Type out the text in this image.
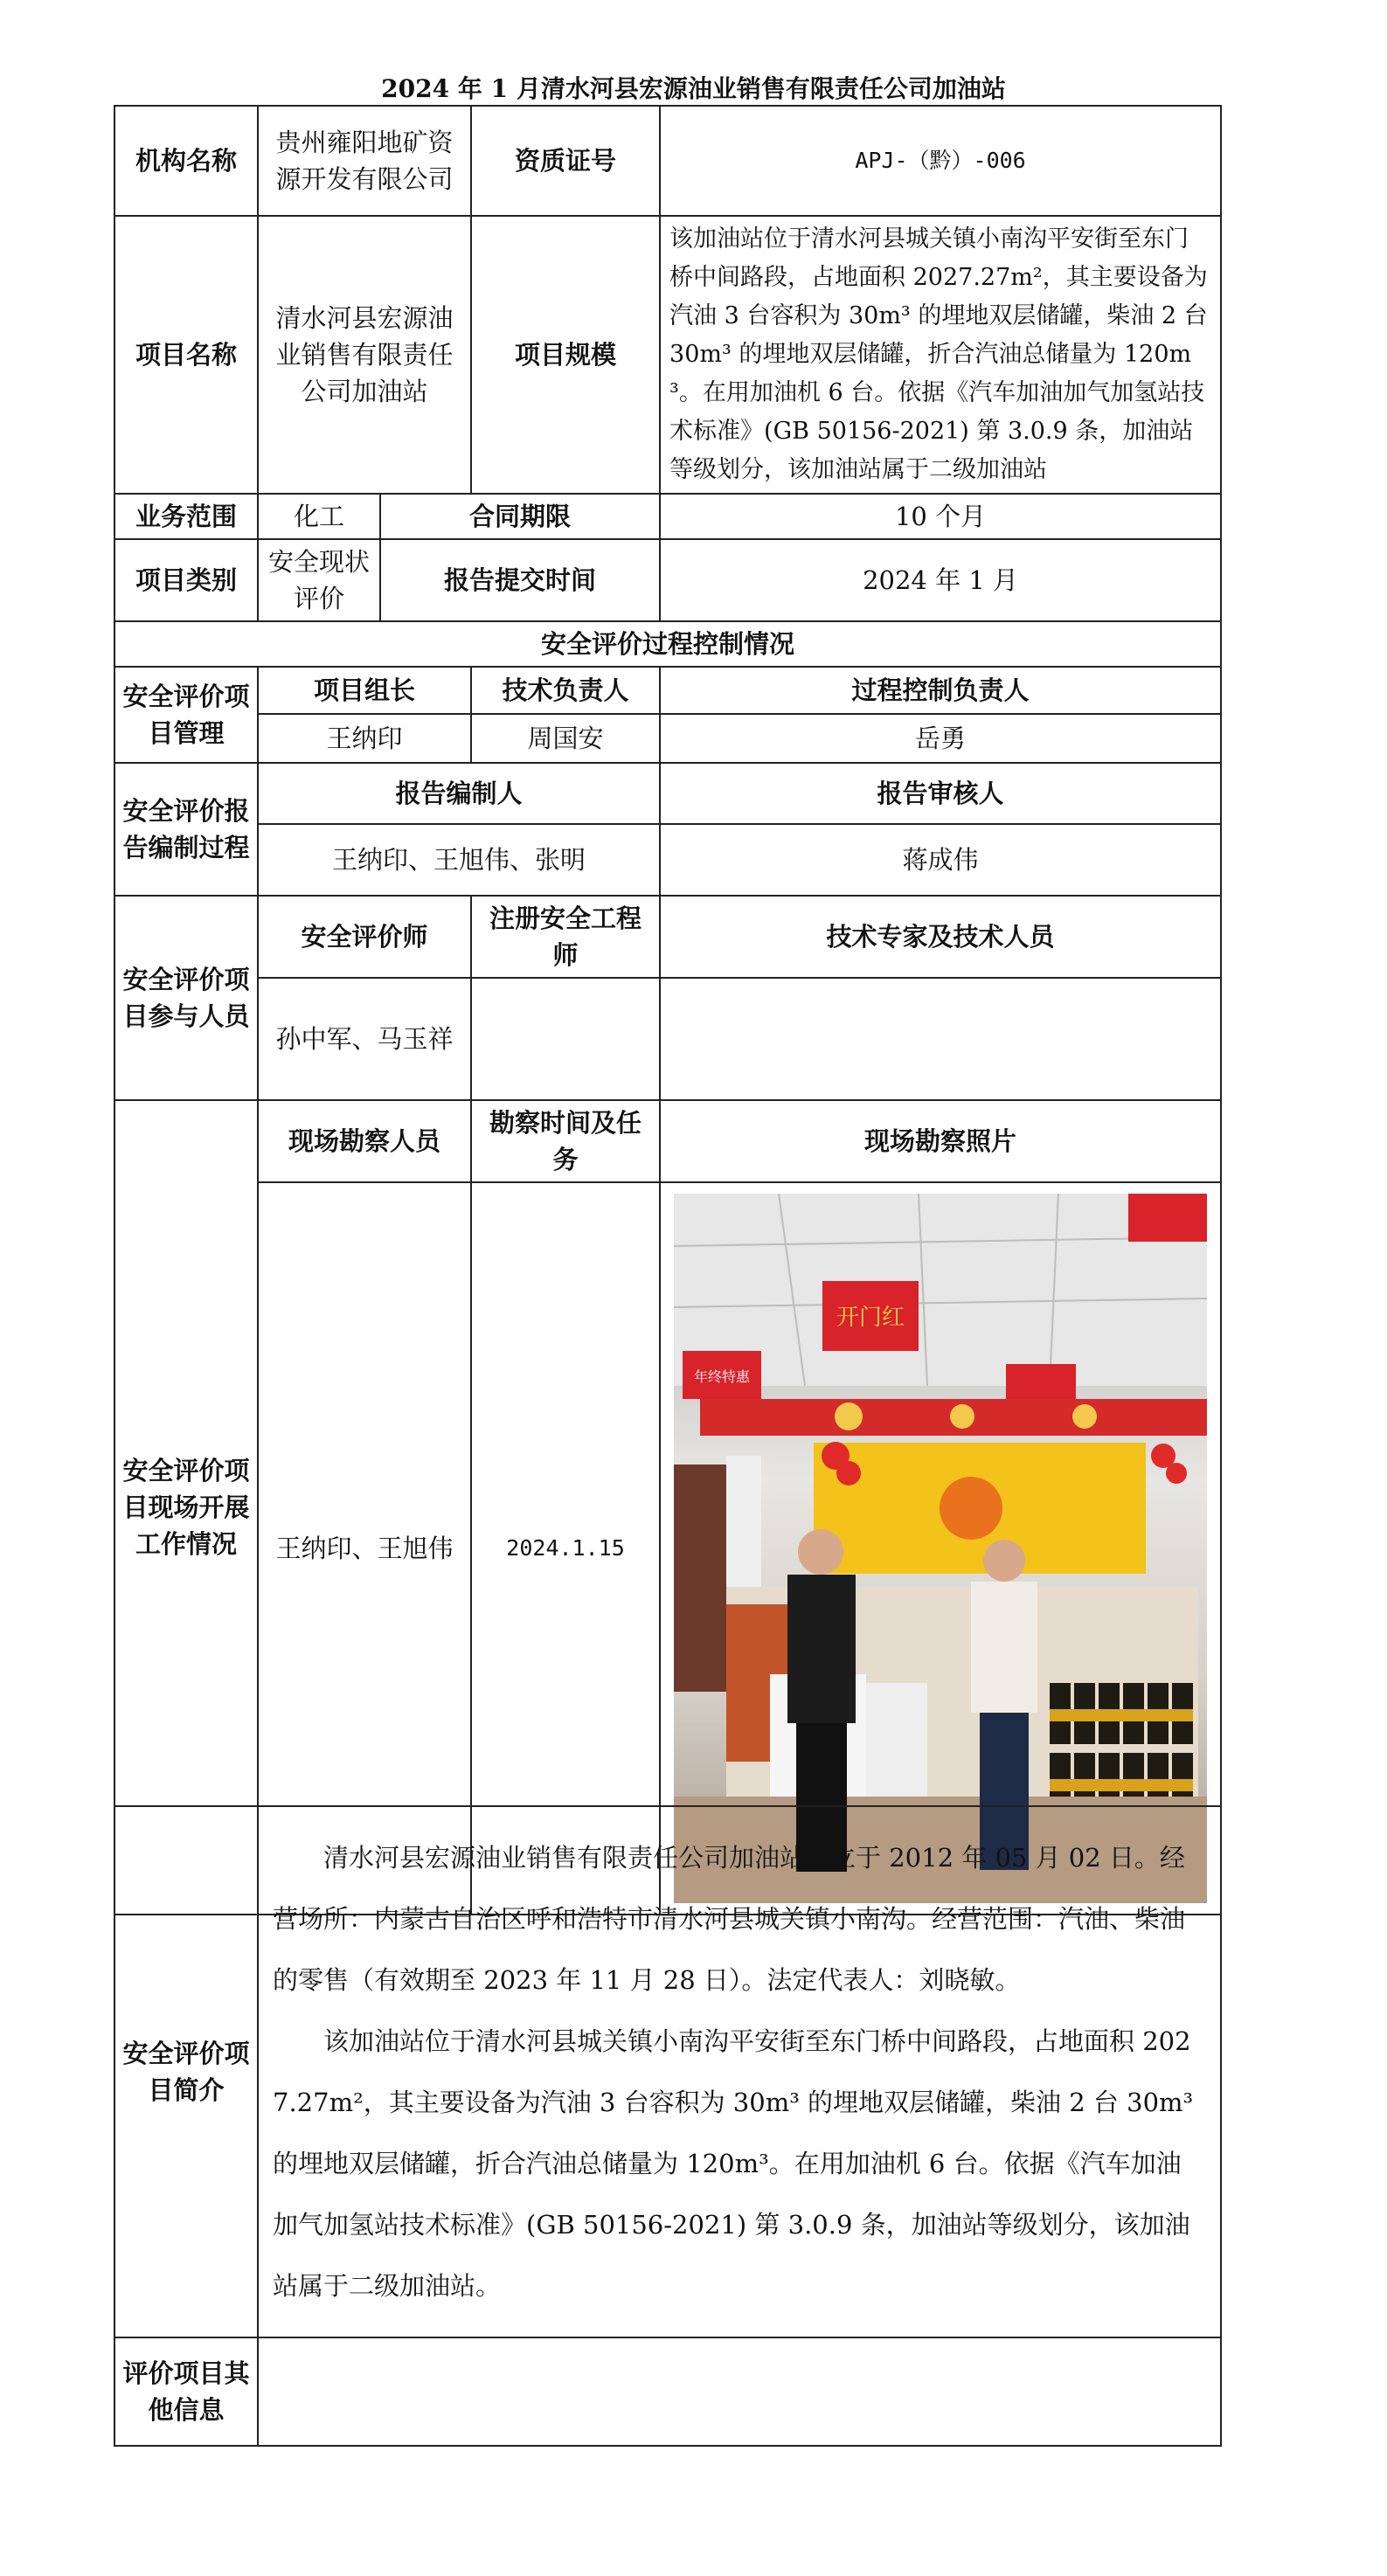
2024 年 1 月清水河县宏源油业销售有限责任公司加油站
机构名称	贵州雍阳地矿资源开发有限公司		资质证号	APJ-（黔）-006
项目名称	清水河县宏源油业销售有限责任公司加油站		项目规模	该加油站位于清水河县城关镇小南沟平安街至东门桥中间路段，占地面积 2027.27m²，其主要设备为汽油 3 台容积为 30m³ 的埋地双层储罐，柴油 2 台 30m³ 的埋地双层储罐，折合汽油总储量为 120m³。在用加油机 6 台。依据《汽车加油加气加氢站技术标准》(GB 50156-2021) 第 3.0.9 条，加油站等级划分，该加油站属于二级加油站
业务范围	化工	合同期限		10 个月
项目类别	安全现状评价	报告提交时间		2024 年 1 月
安全评价过程控制情况				
安全评价项目管理	项目组长		技术负责人	过程控制负责人
	王纳印		周国安	岳勇
安全评价报告编制过程	报告编制人			报告审核人
	王纳印、王旭伟、张明			蒋成伟
安全评价项目参与人员	安全评价师		注册安全工程师	技术专家及技术人员
	孙中军、马玉祥			
安全评价项目现场开展工作情况	现场勘察人员		勘察时间及任务	现场勘察照片
	王纳印、王旭伟		2024.1.15	开门红
年终特惠
安全评价项目简介	清水河县宏源油业销售有限责任公司加油站成立于 2012 年 05 月 02 日。经营场所：内蒙古自治区呼和浩特市清水河县城关镇小南沟。经营范围：汽油、柴油的零售（有效期至 2023 年 11 月 28 日）。法定代表人：刘晓敏。

该加油站位于清水河县城关镇小南沟平安街至东门桥中间路段，占地面积 2027.27m²，其主要设备为汽油 3 台容积为 30m³ 的埋地双层储罐，柴油 2 台 30m³ 的埋地双层储罐，折合汽油总储量为 120m³。在用加油机 6 台。依据《汽车加油加气加氢站技术标准》(GB 50156-2021) 第 3.0.9 条，加油站等级划分，该加油站属于二级加油站。

评价项目其他信息	
